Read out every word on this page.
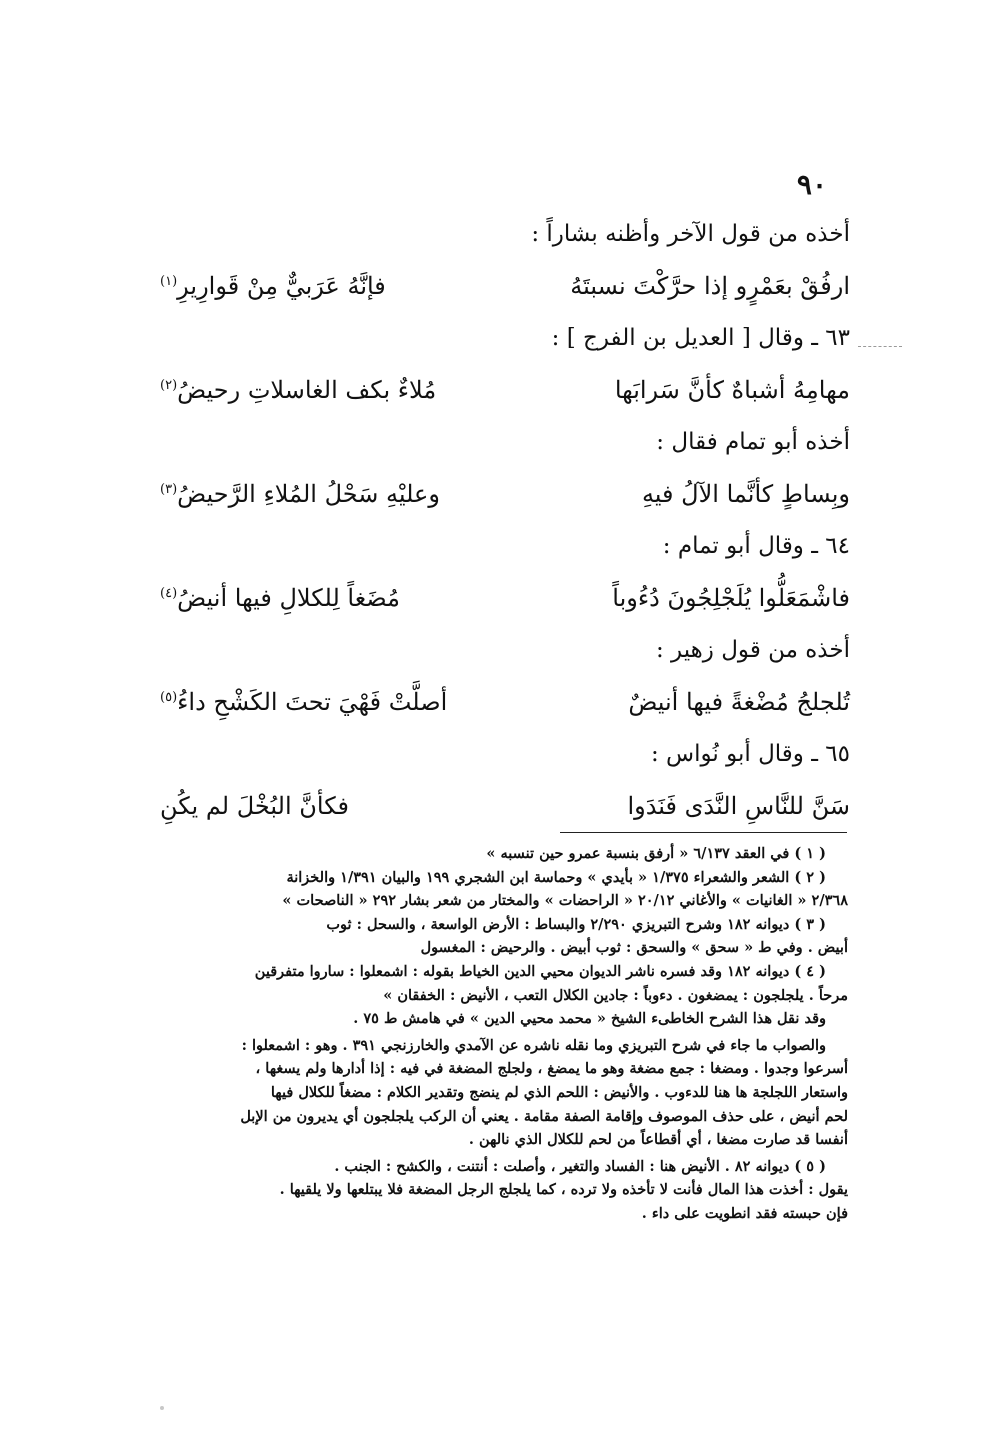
٩٠
أخذه من قول الآخر وأظنه بشاراً :
ارفُقْ بعَمْرٍو إذا حرَّكْتَ نسبتَهُ
فإنَّهُ عَرَبيٌّ مِنْ قَوارِيرِ$^{(١)}$
٦٣ ـ وقال [ العديل بن الفرج ] :
مهامِهُ أشباهٌ كأنَّ سَرابَها
مُلاءٌ بكف الغاسلاتِ رحيضُ$^{(٢)}$
أخذه أبو تمام فقال :
وبِساطٍ كأنَّما الآلُ فيهِ
وعليْهِ سَحْلُ المُلاءِ الرَّحيضُ$^{(٣)}$
٦٤ ـ وقال أبو تمام :
فاشْمَعَلُّوا يُلَجْلِجُونَ دُءُوباً
مُضَغاً لِلكلالِ فيها أنيضُ$^{(٤)}$
أخذه من قول زهير :
تُلجلجُ مُضْغةً فيها أنيضٌ
أصلَّتْ فَهْيَ تحتَ الكَشْحِ داءُ$^{(٥)}$
٦٥ ـ وقال أبو نُواس :
سَنَّ للنَّاسِ النَّدَى فَنَدَوا
فكأنَّ البُخْلَ لم يكُنِ
( ١ ) في العقد ٦/١٣٧ « أرفق بنسبة عمرو حين تنسبه »
( ٢ ) الشعر والشعراء ١/٣٧٥ « بأيدي » وحماسة ابن الشجري ١٩٩ والبيان ١/٣٩١ والخزانة
٢/٣٦٨ « الغانيات » والأغاني ٢٠/١٢ « الراحضات » والمختار من شعر بشار ٢٩٢ « الناصحات »
( ٣ ) ديوانه ١٨٢ وشرح التبريزي ٢/٢٩٠ والبساط : الأرض الواسعة ، والسحل : ثوب
أبيض . وفي ط « سحق » والسحق : ثوب أبيض . والرحيض : المغسول
( ٤ ) ديوانه ١٨٢ وقد فسره ناشر الديوان محيي الدين الخياط بقوله : اشمعلوا : ساروا متفرقين
مرحاً . يلجلجون : يمضغون . دءوباً : جادين الكلال التعب ، الأنيض : الخفقان »
وقد نقل هذا الشرح الخاطىء الشيخ « محمد محيي الدين » في هامش ط ٧٥ .
والصواب ما جاء في شرح التبريزي وما نقله ناشره عن الآمدي والخارزنجي ٣٩١ . وهو : اشمعلوا :
أسرعوا وجدوا . ومضغا : جمع مضغة وهو ما يمضغ ، ولجلج المضغة في فيه : إذا أدارها ولم يسغها ،
واستعار اللجلجة ها هنا للدءوب . والأنيض : اللحم الذي لم ينضج وتقدير الكلام : مضغاً للكلال فيها
لحم أنيض ، على حذف الموصوف وإقامة الصفة مقامة . يعني أن الركب يلجلجون أي يديرون من الإبل
أنفسا قد صارت مضغا ، أي أقطاعاً من لحم للكلال الذي نالهن .
( ٥ ) ديوانه ٨٢ . الأنيض هنا : الفساد والتغير ، وأصلت : أنتنت ، والكشح : الجنب .
يقول : أخذت هذا المال فأنت لا تأخذه ولا ترده ، كما يلجلج الرجل المضغة فلا يبتلعها ولا يلقيها .
فإن حبسته فقد انطويت على داء .
